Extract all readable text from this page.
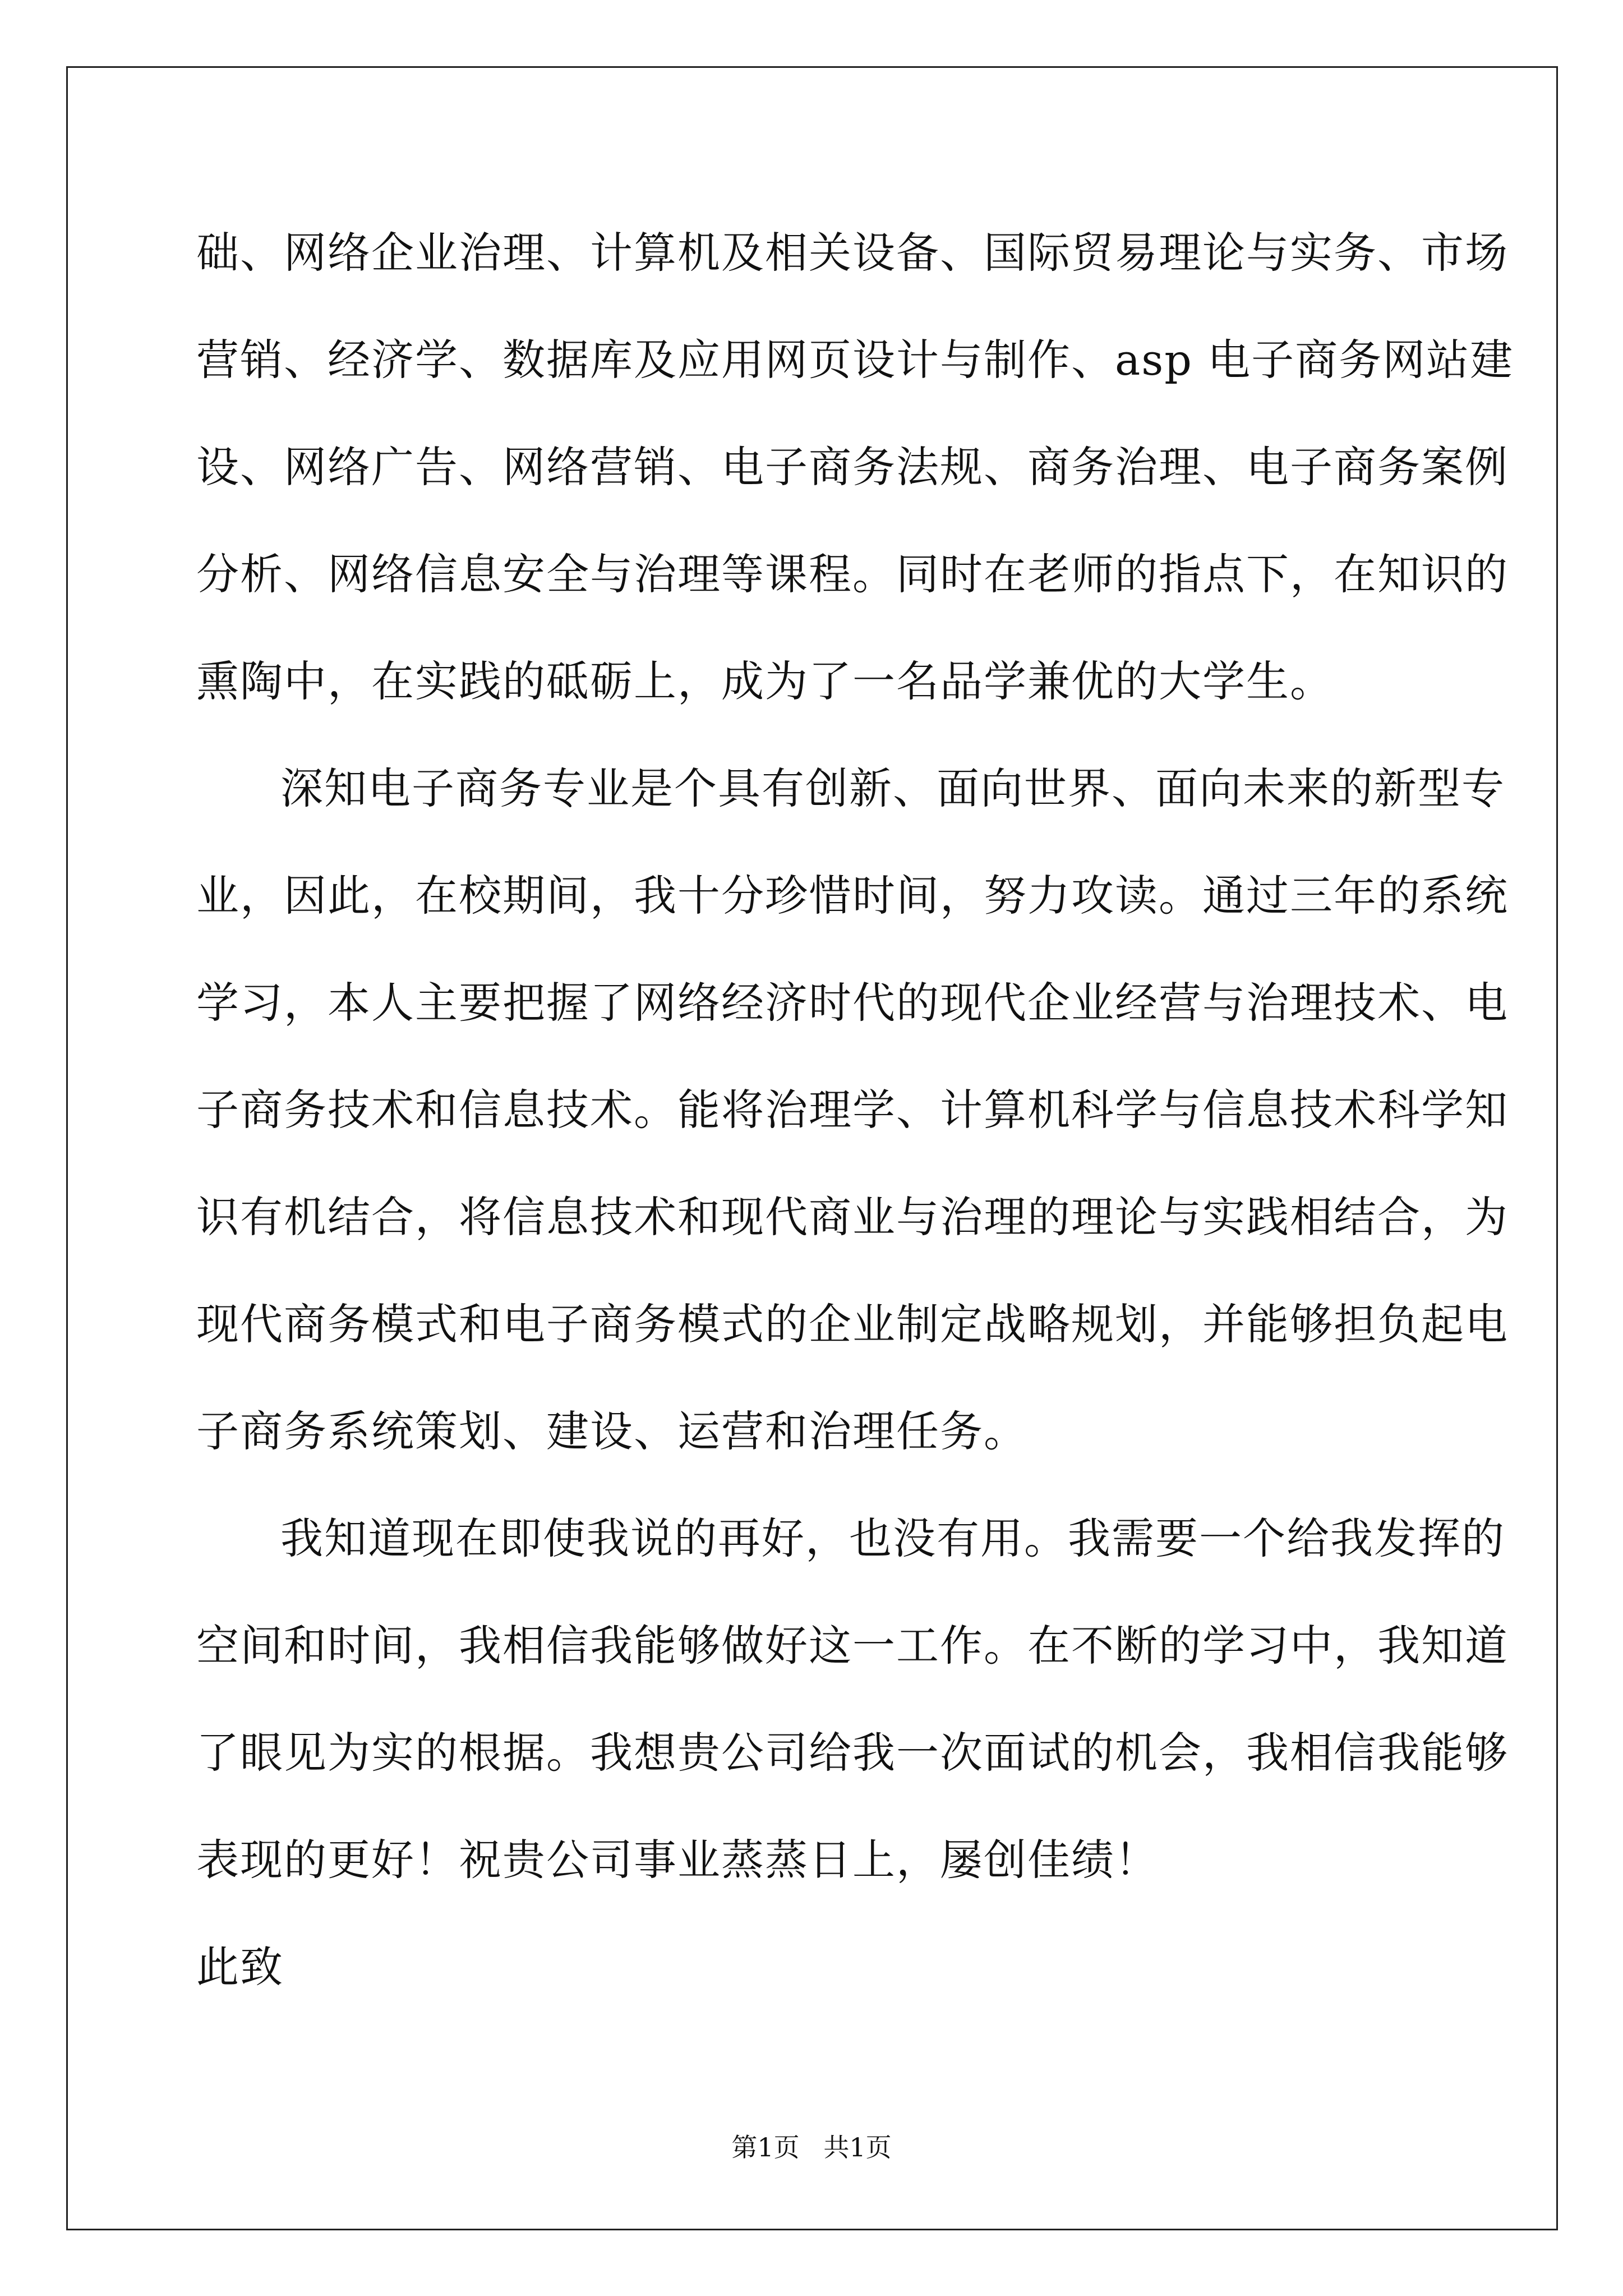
础、网络企业治理、计算机及相关设备、国际贸易理论与实务、市场
营销、经济学、数据库及应用网页设计与制作、asp 电子商务网站建
设、网络广告、网络营销、电子商务法规、商务治理、电子商务案例
分析、网络信息安全与治理等课程。同时在老师的指点下，在知识的
熏陶中，在实践的砥砺上，成为了一名品学兼优的大学生。
深知电子商务专业是个具有创新、面向世界、面向未来的新型专
业，因此，在校期间，我十分珍惜时间，努力攻读。通过三年的系统
学习，本人主要把握了网络经济时代的现代企业经营与治理技术、电
子商务技术和信息技术。能将治理学、计算机科学与信息技术科学知
识有机结合，将信息技术和现代商业与治理的理论与实践相结合，为
现代商务模式和电子商务模式的企业制定战略规划，并能够担负起电
子商务系统策划、建设、运营和治理任务。
我知道现在即使我说的再好，也没有用。我需要一个给我发挥的
空间和时间，我相信我能够做好这一工作。在不断的学习中，我知道
了眼见为实的根据。我想贵公司给我一次面试的机会，我相信我能够
表现的更好！祝贵公司事业蒸蒸日上，屡创佳绩！
此致
第1页 共1页
